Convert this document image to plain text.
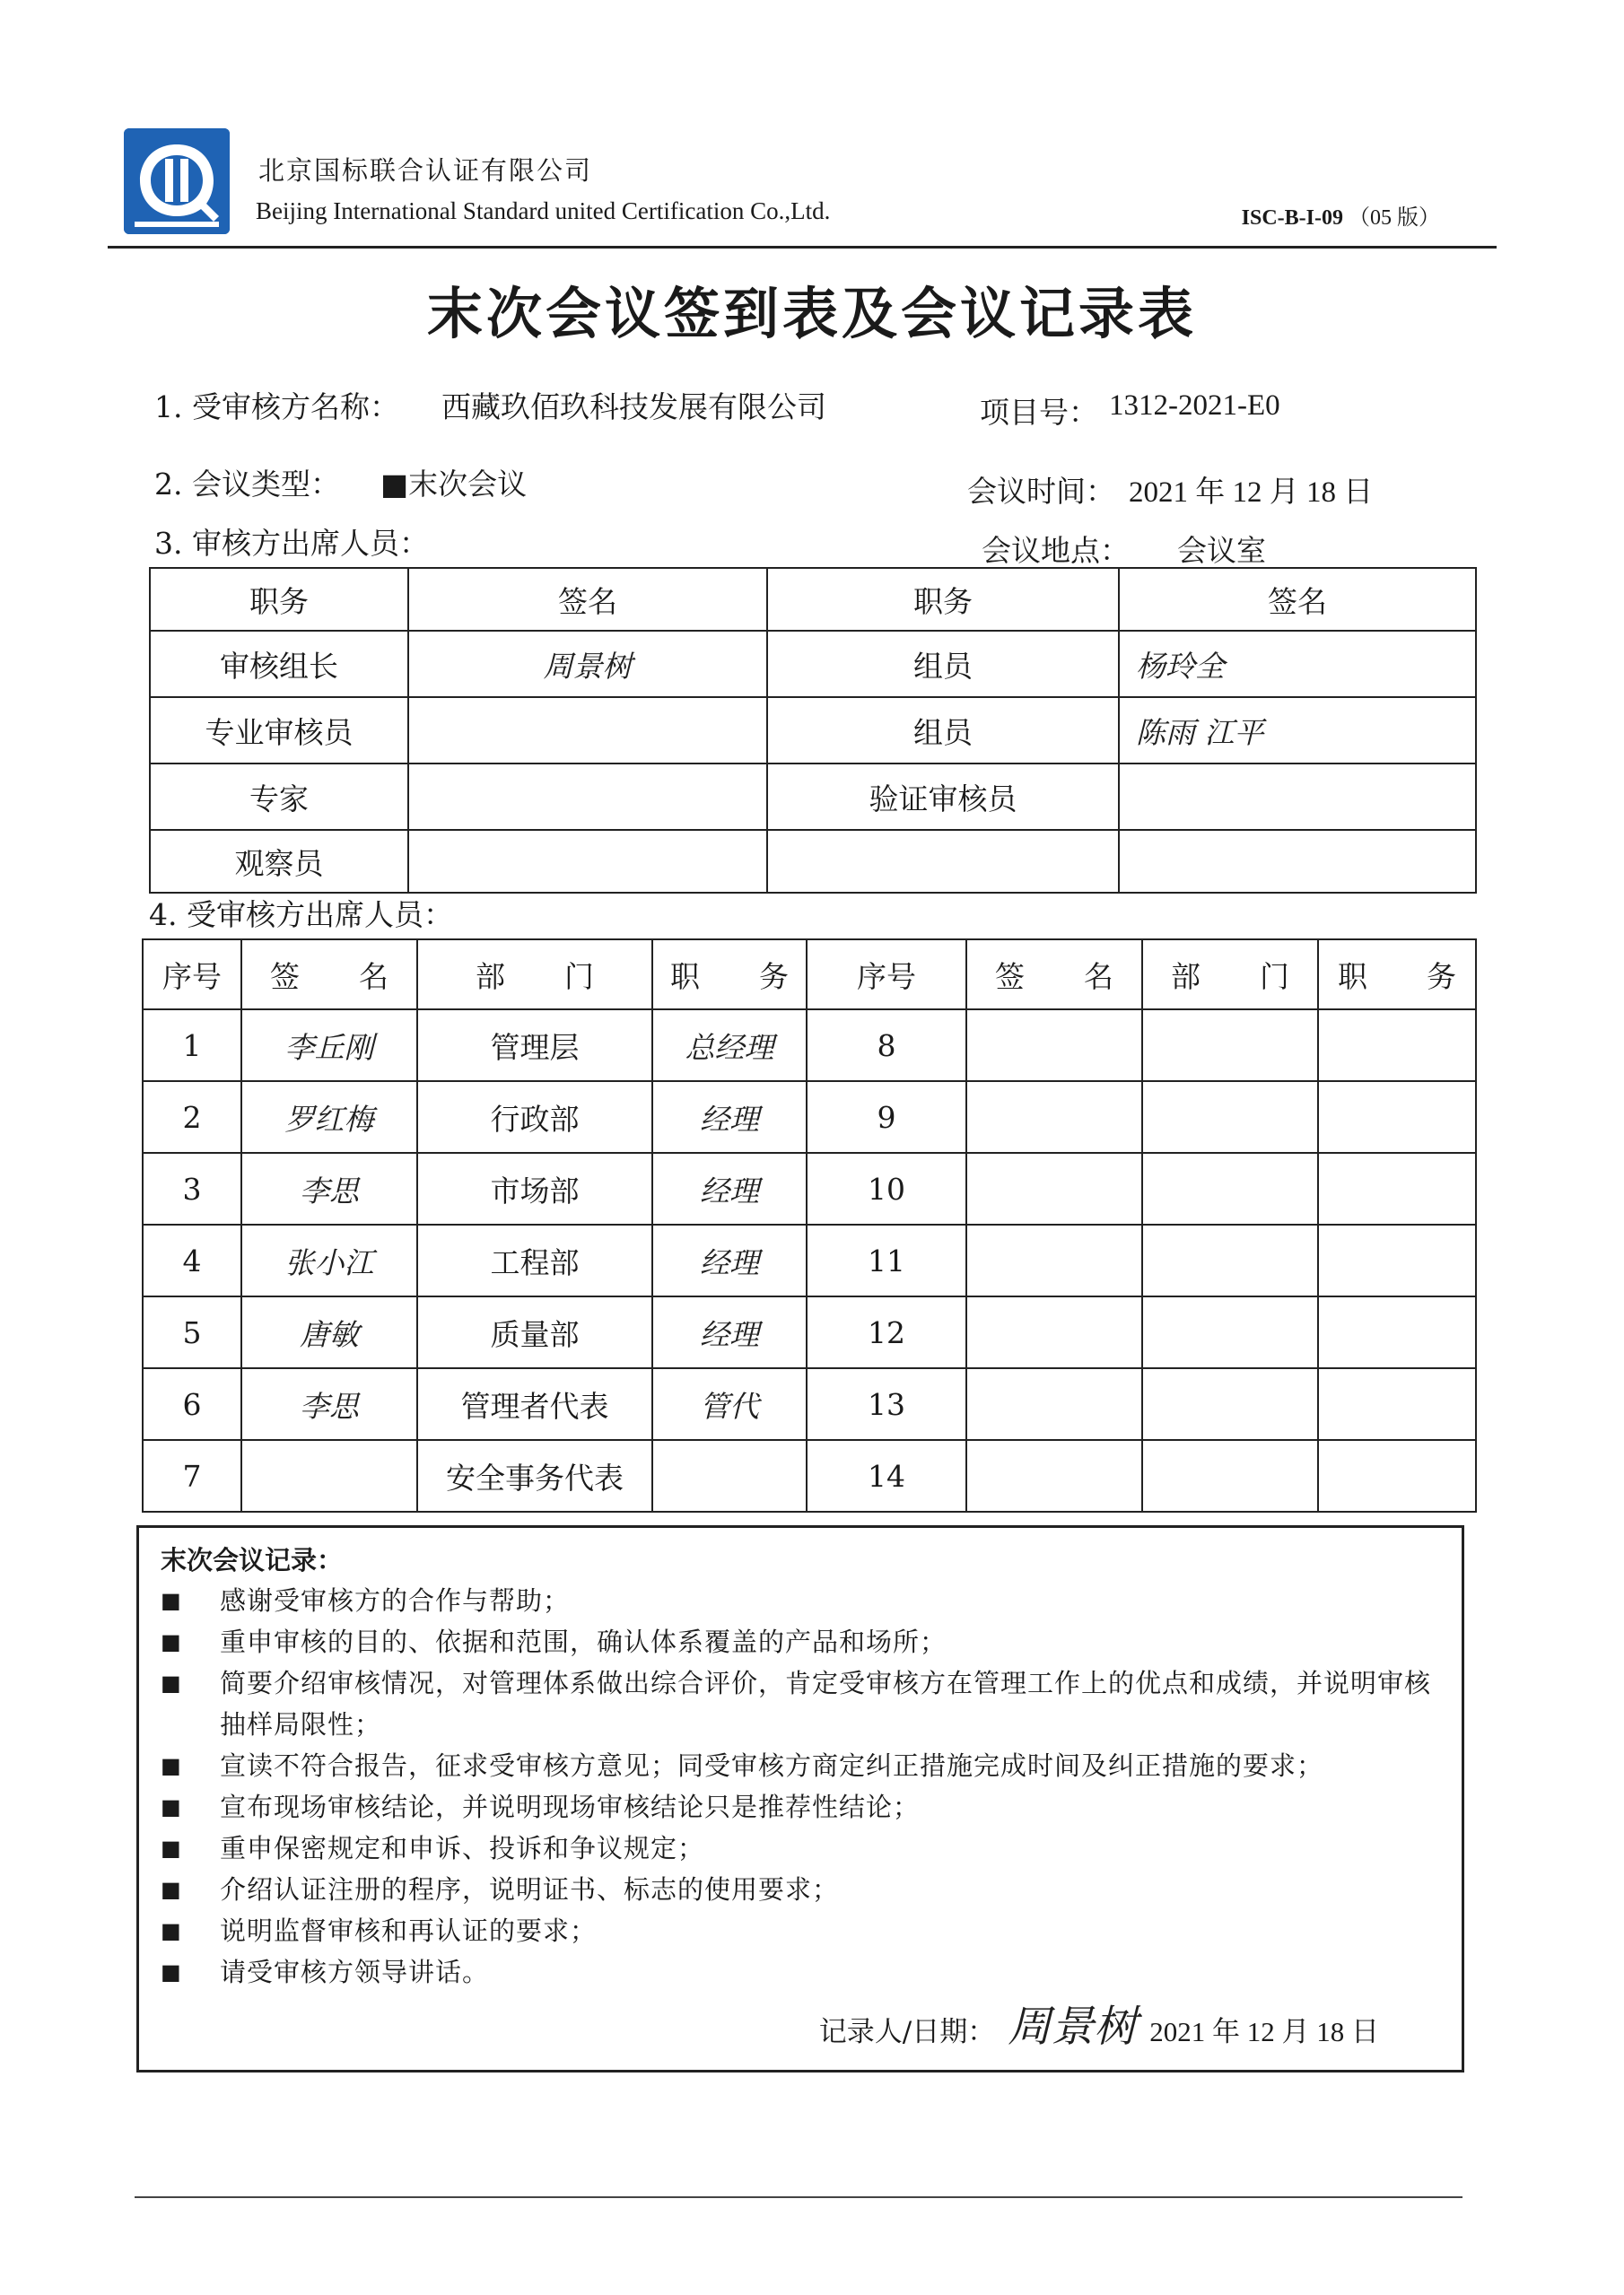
北京国标联合认证有限公司
Beijing International Standard united Certification Co.,Ltd.	ISC-B-I-09 （05 版）
末次会议签到表及会议记录表
1. 受审核方名称： 西藏玖佰玖科技发展有限公司	项目号： 1312-2021-E0
2. 会议类型： ■末次会议	会议时间： 2021 年 12 月 18 日
3. 审核方出席人员：	会议地点： 会议室
职务	签名	职务	签名
审核组长	周景树	组员	杨玲全
专业审核员		组员	陈雨 江平
专家		验证审核员	
观察员			
4. 受审核方出席人员：
序号	签　　名	部　　门	职　　务	序号	签　　名	部　　门	职　　务
1	李丘刚	管理层	总经理	8			
2	罗红梅	行政部	经理	9			
3	李思	市场部	经理	10			
4	张小江	工程部	经理	11			
5	唐敏	质量部	经理	12			
6	李思	管理者代表	管代	13			
7		安全事务代表		14			
末次会议记录：
■ 感谢受审核方的合作与帮助；
■ 重申审核的目的、依据和范围，确认体系覆盖的产品和场所；
■ 简要介绍审核情况，对管理体系做出综合评价，肯定受审核方在管理工作上的优点和成绩，并说明审核抽样局限性；
■ 宣读不符合报告，征求受审核方意见；同受审核方商定纠正措施完成时间及纠正措施的要求；
■ 宣布现场审核结论，并说明现场审核结论只是推荐性结论；
■ 重申保密规定和申诉、投诉和争议规定；
■ 介绍认证注册的程序，说明证书、标志的使用要求；
■ 说明监督审核和再认证的要求；
■ 请受审核方领导讲话。
记录人/日期： 周景树 2021 年 12 月 18 日
